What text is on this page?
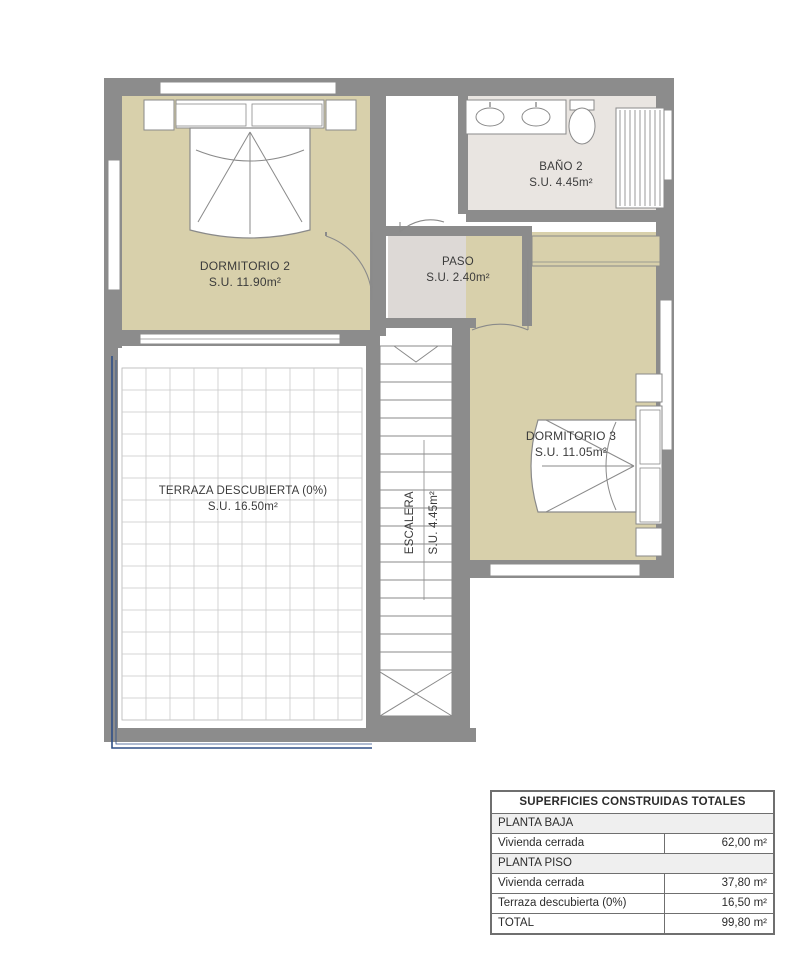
DORMITORIO 2
S.U. 11.90m²
BAÑO 2
S.U. 4.45m²
PASO
S.U. 2.40m²
DORMITORIO 3
S.U. 11.05m²
TERRAZA DESCUBIERTA (0%)
S.U. 16.50m²	ESCALERA S.U. 4.45m²
SUPERFICIES CONSTRUIDAS TOTALES	
PLANTA BAJA	
Vivienda cerrada	62,00 m²
PLANTA PISO	
Vivienda cerrada	37,80 m²
Terraza descubierta (0%)	16,50 m²
TOTAL	99,80 m²
